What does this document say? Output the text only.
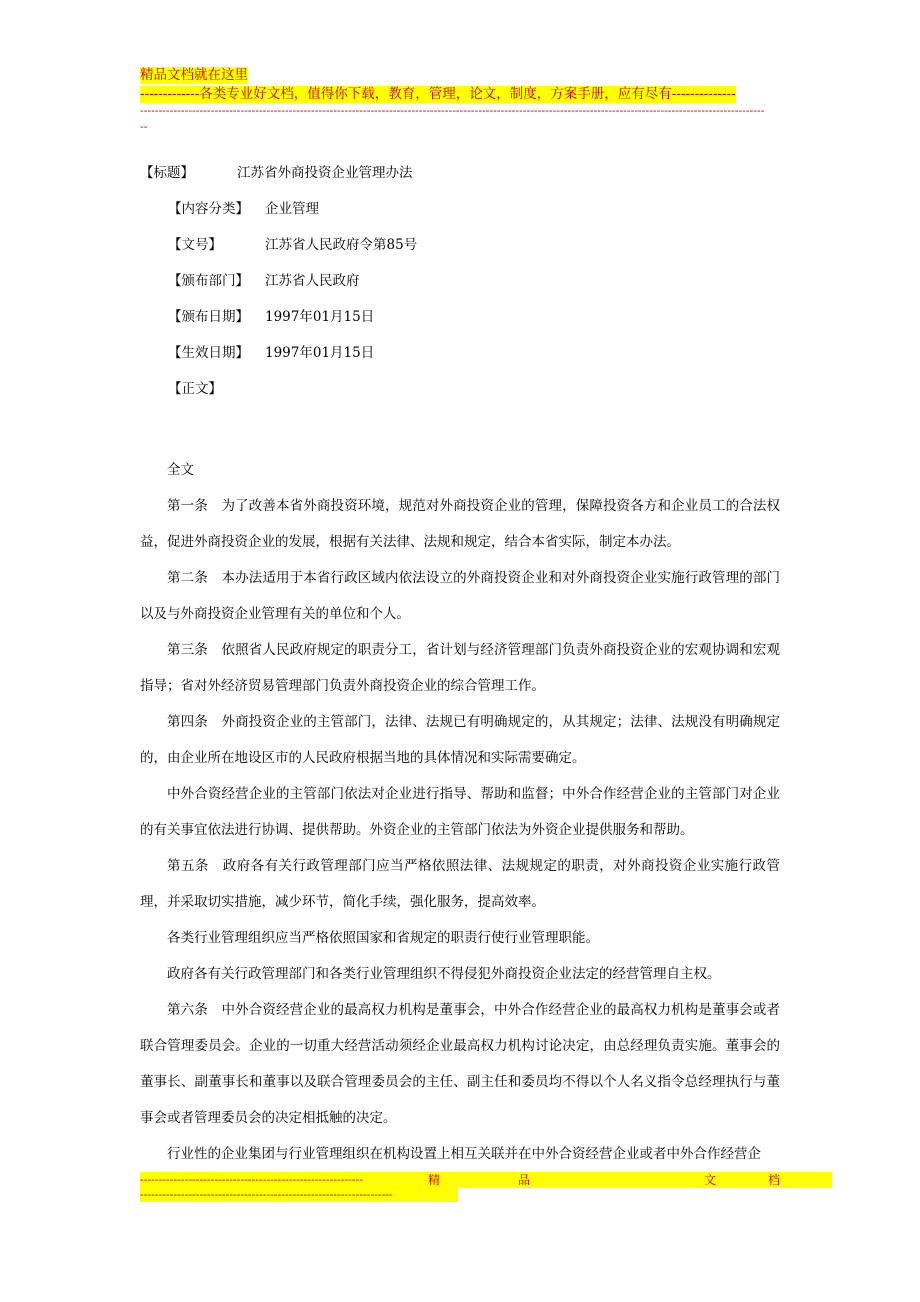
精品文档就在这里
-------------各类专业好文档，值得你下载，教育，管理，论文，制度，方案手册，应有尽有--------------
------------------------------------------------------------------------------------------------------------------------------------------------------------------------
--
【标题】	江苏省外商投资企业管理办法
【内容分类】	企业管理
【文号】	江苏省人民政府令第85号
【颁布部门】	江苏省人民政府
【颁布日期】	1997年01月15日
【生效日期】	1997年01月15日
【正文】

全文

第一条　为了改善本省外商投资环境，规范对外商投资企业的管理，保障投资各方和企业员工的合法权益，促进外商投资企业的发展，根据有关法律、法规和规定，结合本省实际，制定本办法。

第二条　本办法适用于本省行政区域内依法设立的外商投资企业和对外商投资企业实施行政管理的部门以及与外商投资企业管理有关的单位和个人。

第三条　依照省人民政府规定的职责分工，省计划与经济管理部门负责外商投资企业的宏观协调和宏观指导；省对外经济贸易管理部门负责外商投资企业的综合管理工作。

第四条　外商投资企业的主管部门，法律、法规已有明确规定的，从其规定；法律、法规没有明确规定的，由企业所在地设区市的人民政府根据当地的具体情况和实际需要确定。

中外合资经营企业的主管部门依法对企业进行指导、帮助和监督；中外合作经营企业的主管部门对企业的有关事宜依法进行协调、提供帮助。外资企业的主管部门依法为外资企业提供服务和帮助。

第五条　政府各有关行政管理部门应当严格依照法律、法规规定的职责，对外商投资企业实施行政管理，并采取切实措施，减少环节，简化手续，强化服务，提高效率。

各类行业管理组织应当严格依照国家和省规定的职责行使行业管理职能。

政府各有关行政管理部门和各类行业管理组织不得侵犯外商投资企业法定的经营管理自主权。

第六条　中外合资经营企业的最高权力机构是董事会，中外合作经营企业的最高权力机构是董事会或者联合管理委员会。企业的一切重大经营活动须经企业最高权力机构讨论决定，由总经理负责实施。董事会的董事长、副董事长和董事以及联合管理委员会的主任、副主任和委员均不得以个人名义指令总经理执行与董事会或者管理委员会的决定相抵触的决定。

行业性的企业集团与行业管理组织在机构设置上相互关联并在中外合资经营企业或者中外合作经营企

------------------------------------------------------------	精	品	文	档
--------------------------------------------------------------------
